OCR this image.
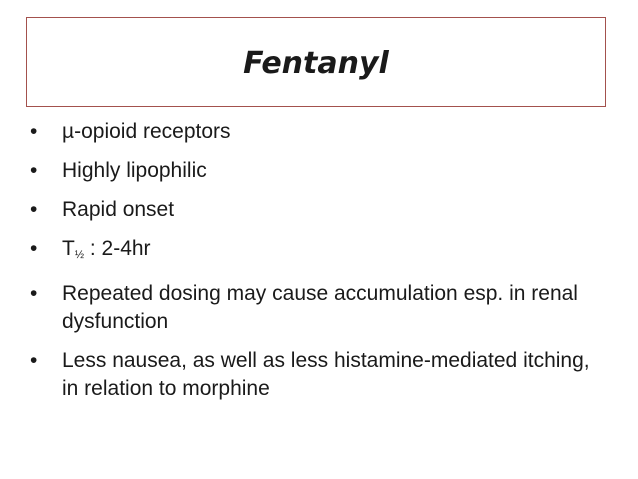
Fentanyl
•	µ-opioid receptors
•	Highly lipophilic
•	Rapid onset
•	$T_{\frac{1}{2}}$ : 2-4hr
•	Repeated dosing may cause accumulation esp. in renal dysfunction
•	Less nausea, as well as less histamine-mediated itching, in relation to morphine
